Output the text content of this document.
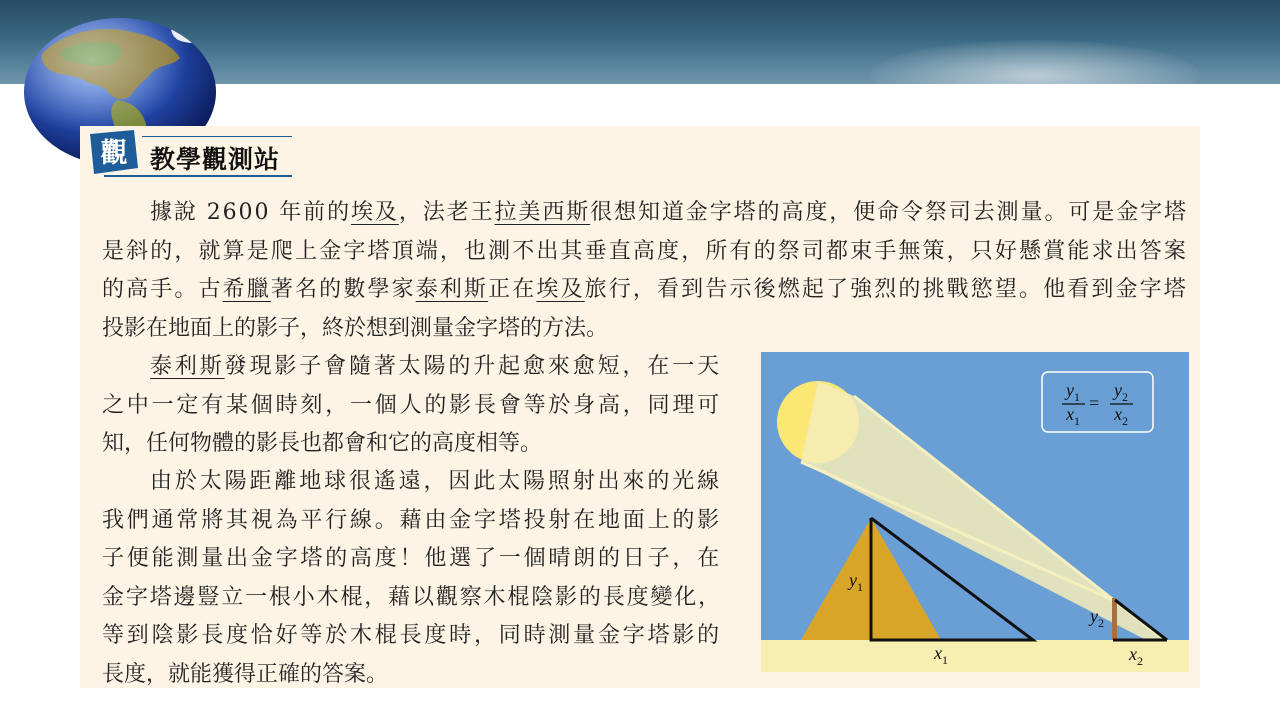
觀 教學觀測站
據說 2600 年前的埃及，法老王拉美西斯很想知道金字塔的高度，便命令祭司去測量。可是金字塔
是斜的，就算是爬上金字塔頂端，也測不出其垂直高度，所有的祭司都束手無策，只好懸賞能求出答案
的高手。古希臘著名的數學家泰利斯正在埃及旅行，看到告示後燃起了強烈的挑戰慾望。他看到金字塔
投影在地面上的影子，終於想到測量金字塔的方法。
泰利斯發現影子會隨著太陽的升起愈來愈短，在一天
之中一定有某個時刻，一個人的影長會等於身高，同理可
知，任何物體的影長也都會和它的高度相等。
由於太陽距離地球很遙遠，因此太陽照射出來的光線
我們通常將其視為平行線。藉由金字塔投射在地面上的影
子便能測量出金字塔的高度！他選了一個晴朗的日子，在
金字塔邊豎立一根小木棍，藉以觀察木棍陰影的長度變化，
等到陰影長度恰好等於木棍長度時，同時測量金字塔影的
長度，就能獲得正確的答案。
$y_1$
$x_1$
$y_2$
$x_2$
$y_1$
$x_1$
=
$y_2$
$x_2$
